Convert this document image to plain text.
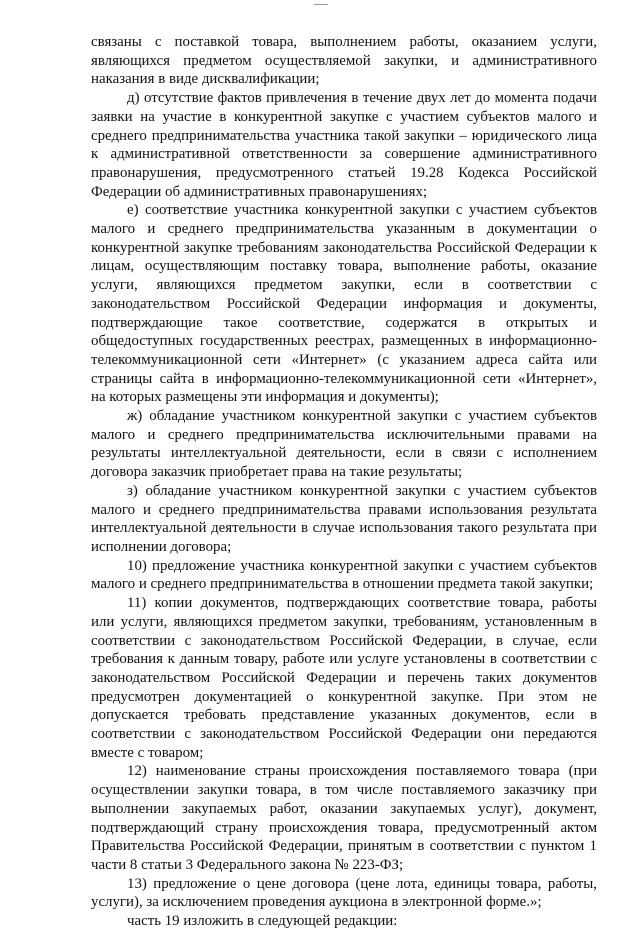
связаны с поставкой товара, выполнением работы, оказанием услуги, являющихся предметом осуществляемой закупки, и административного наказания в виде дисквалификации;

д) отсутствие фактов привлечения в течение двух лет до момента подачи заявки на участие в конкурентной закупке с участием субъектов малого и среднего предпринимательства участника такой закупки – юридического лица к административной ответственности за совершение административного правонарушения, предусмотренного статьей 19.28 Кодекса Российской Федерации об административных правонарушениях;

е) соответствие участника конкурентной закупки с участием субъектов малого и среднего предпринимательства указанным в документации о конкурентной закупке требованиям законодательства Российской Федерации к лицам, осуществляющим поставку товара, выполнение работы, оказание услуги, являющихся предметом закупки, если в соответствии с законодательством Российской Федерации информация и документы, подтверждающие такое соответствие, содержатся в открытых и общедоступных государственных реестрах, размещенных в информационно-телекоммуникационной сети «Интернет» (с указанием адреса сайта или страницы сайта в информационно-телекоммуникационной сети «Интернет», на которых размещены эти информация и документы);

ж) обладание участником конкурентной закупки с участием субъектов малого и среднего предпринимательства исключительными правами на результаты интеллектуальной деятельности, если в связи с исполнением договора заказчик приобретает права на такие результаты;

з) обладание участником конкурентной закупки с участием субъектов малого и среднего предпринимательства правами использования результата интеллектуальной деятельности в случае использования такого результата при исполнении договора;

10) предложение участника конкурентной закупки с участием субъектов малого и среднего предпринимательства в отношении предмета такой закупки;

11) копии документов, подтверждающих соответствие товара, работы или услуги, являющихся предметом закупки, требованиям, установленным в соответствии с законодательством Российской Федерации, в случае, если требования к данным товару, работе или услуге установлены в соответствии с законодательством Российской Федерации и перечень таких документов предусмотрен документацией о конкурентной закупке. При этом не допускается требовать представление указанных документов, если в соответствии с законодательством Российской Федерации они передаются вместе с товаром;

12) наименование страны происхождения поставляемого товара (при осуществлении закупки товара, в том числе поставляемого заказчику при выполнении закупаемых работ, оказании закупаемых услуг), документ, подтверждающий страну происхождения товара, предусмотренный актом Правительства Российской Федерации, принятым в соответствии с пунктом 1 части 8 статьи 3 Федерального закона № 223-ФЗ;

13) предложение о цене договора (цене лота, единицы товара, работы, услуги), за исключением проведения аукциона в электронной форме.»;

часть 19 изложить в следующей редакции:
